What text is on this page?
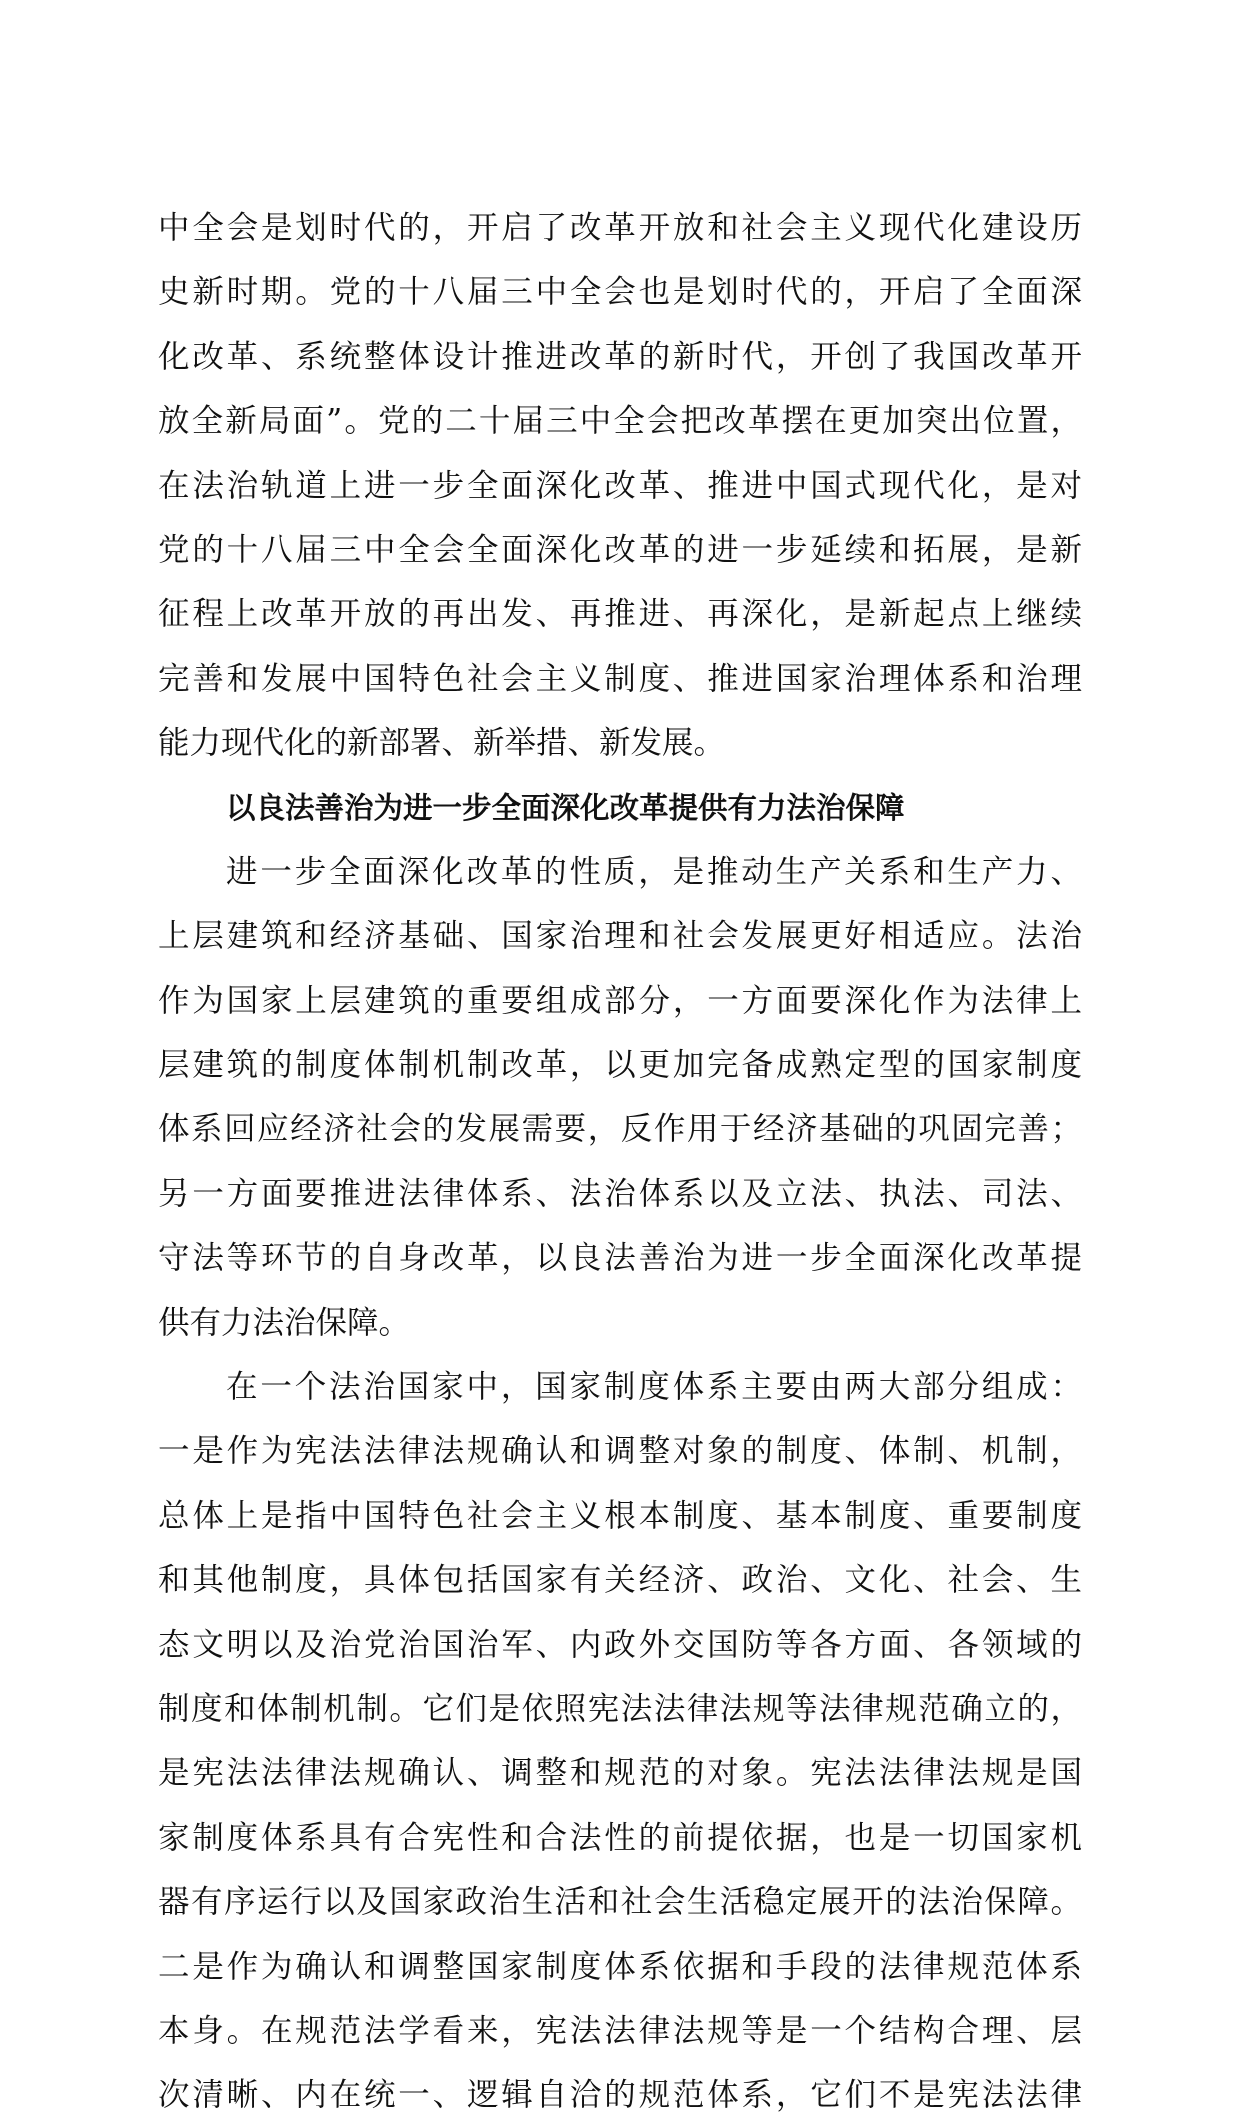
中全会是划时代的，开启了改革开放和社会主义现代化建设历
史新时期。党的十八届三中全会也是划时代的，开启了全面深
化改革、系统整体设计推进改革的新时代，开创了我国改革开
放全新局面”。党的二十届三中全会把改革摆在更加突出位置，
在法治轨道上进一步全面深化改革、推进中国式现代化，是对
党的十八届三中全会全面深化改革的进一步延续和拓展，是新
征程上改革开放的再出发、再推进、再深化，是新起点上继续
完善和发展中国特色社会主义制度、推进国家治理体系和治理
能力现代化的新部署、新举措、新发展。
以良法善治为进一步全面深化改革提供有力法治保障
进一步全面深化改革的性质，是推动生产关系和生产力、
上层建筑和经济基础、国家治理和社会发展更好相适应。法治
作为国家上层建筑的重要组成部分，一方面要深化作为法律上
层建筑的制度体制机制改革，以更加完备成熟定型的国家制度
体系回应经济社会的发展需要，反作用于经济基础的巩固完善；
另一方面要推进法律体系、法治体系以及立法、执法、司法、
守法等环节的自身改革，以良法善治为进一步全面深化改革提
供有力法治保障。
在一个法治国家中，国家制度体系主要由两大部分组成：
一是作为宪法法律法规确认和调整对象的制度、体制、机制，
总体上是指中国特色社会主义根本制度、基本制度、重要制度
和其他制度，具体包括国家有关经济、政治、文化、社会、生
态文明以及治党治国治军、内政外交国防等各方面、各领域的
制度和体制机制。它们是依照宪法法律法规等法律规范确立的，
是宪法法律法规确认、调整和规范的对象。宪法法律法规是国
家制度体系具有合宪性和合法性的前提依据，也是一切国家机
器有序运行以及国家政治生活和社会生活稳定展开的法治保障。
二是作为确认和调整国家制度体系依据和手段的法律规范体系
本身。在规范法学看来，宪法法律法规等是一个结构合理、层
次清晰、内在统一、逻辑自洽的规范体系，它们不是宪法法律
